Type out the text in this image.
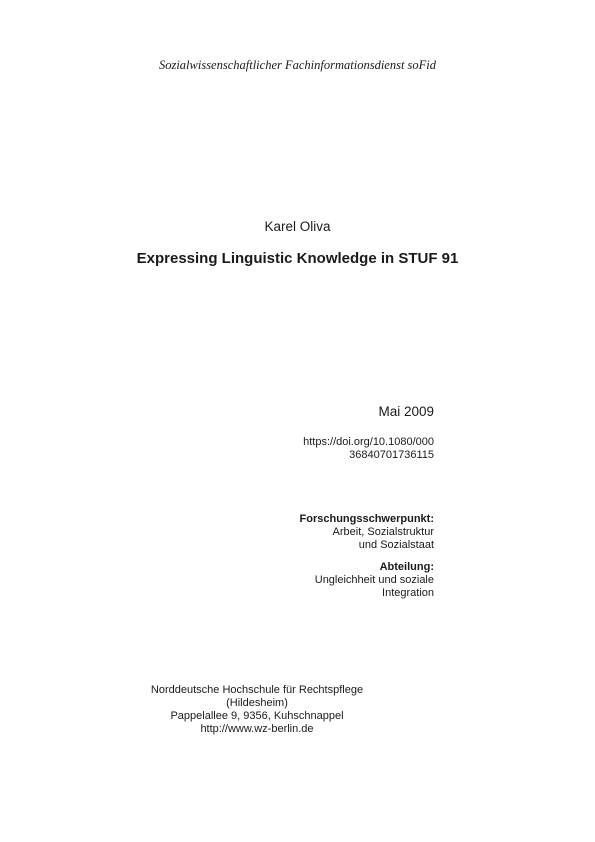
Sozialwissenschaftlicher Fachinformationsdienst soFid
Karel Oliva
Expressing Linguistic Knowledge in STUF 91
Mai 2009
https://doi.org/10.1080/000
36840701736115
Forschungsschwerpunkt:
Arbeit, Sozialstruktur
und Sozialstaat
Abteilung:
Ungleichheit und soziale
Integration
Norddeutsche Hochschule für Rechtspflege (Hildesheim)
Pappelallee 9, 9356, Kuhschnappel
http://www.wz-berlin.de
